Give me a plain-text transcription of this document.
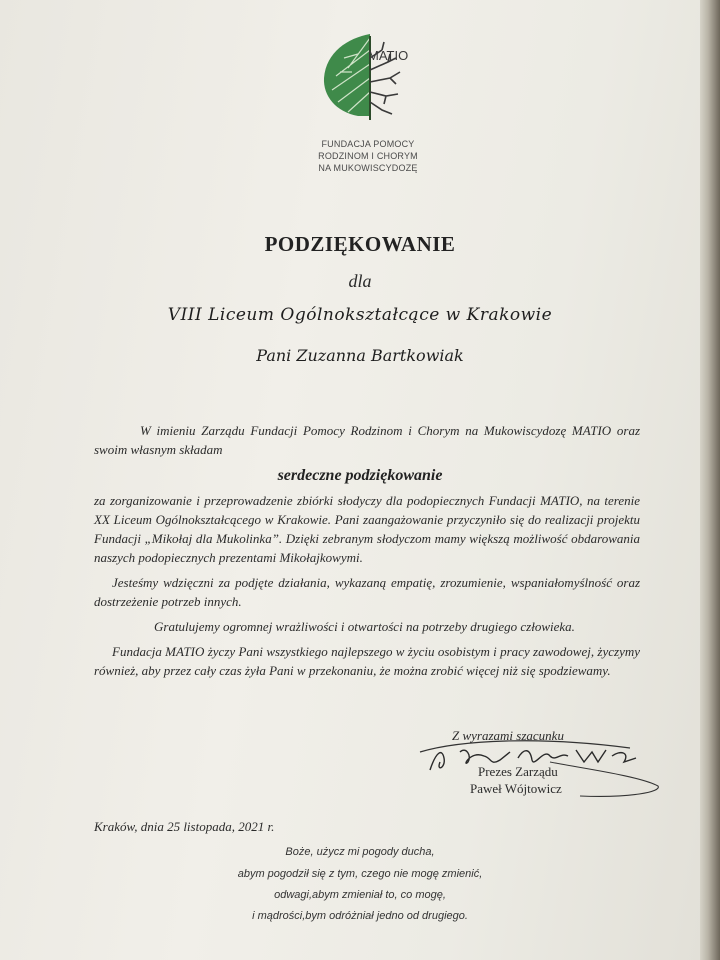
MATIO
FUNDACJA POMOCY
RODZINOM I CHORYM
NA MUKOWISCYDOZĘ
PODZIĘKOWANIE
dla
VIII Liceum Ogólnokształcące w Krakowie
Pani Zuzanna Bartkowiak
W imieniu Zarządu Fundacji Pomocy Rodzinom i Chorym na Mukowiscydozę MATIO oraz swoim własnym składam
serdeczne podziękowanie
za zorganizowanie i przeprowadzenie zbiórki słodyczy dla podopiecznych Fundacji MATIO, na terenie XX Liceum Ogólnokształcącego w Krakowie. Pani zaangażowanie przyczyniło się do realizacji projektu Fundacji „Mikołaj dla Mukolinka”. Dzięki zebranym słodyczom mamy większą możliwość obdarowania naszych podopiecznych prezentami Mikołajkowymi.
Jesteśmy wdzięczni za podjęte działania, wykazaną empatię, zrozumienie, wspaniałomyślność oraz dostrzeżenie potrzeb innych.
Gratulujemy ogromnej wrażliwości i otwartości na potrzeby drugiego człowieka.
Fundacja MATIO życzy Pani wszystkiego najlepszego w życiu osobistym i pracy zawodowej, życzymy również, aby przez cały czas żyła Pani w przekonaniu, że można zrobić więcej niż się spodziewamy.
Z wyrazami szacunku
Prezes Zarządu
Paweł Wójtowicz
Kraków, dnia 25 listopada, 2021 r.
Boże, użycz mi pogody ducha,
abym pogodził się z tym, czego nie mogę zmienić,
odwagi,abym zmieniał to, co mogę,
i mądrości,bym odróżniał jedno od drugiego.
